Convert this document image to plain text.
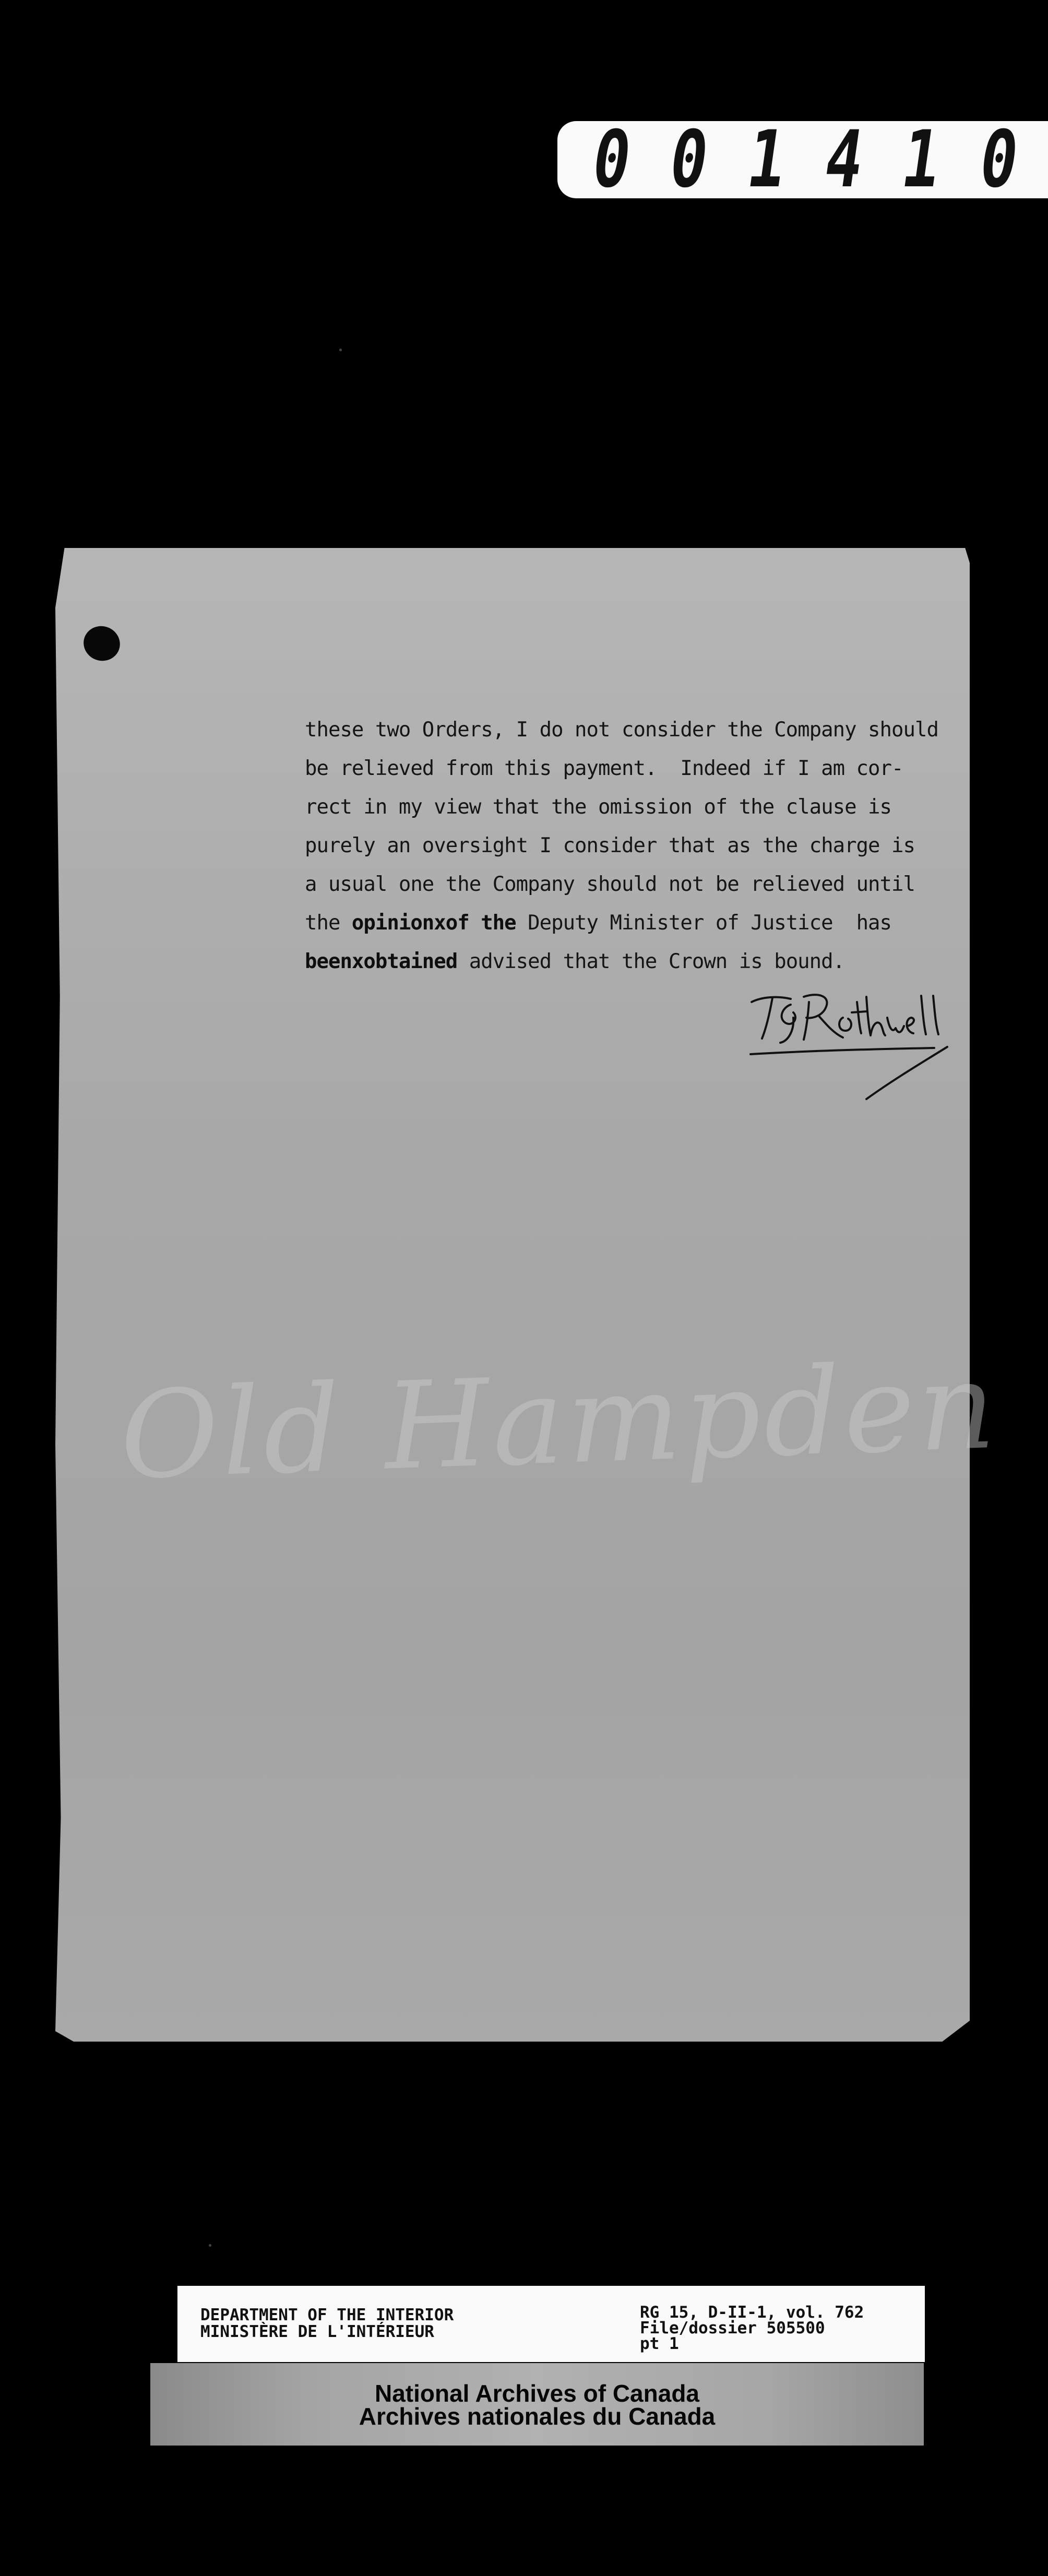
0 0 1 4 1 0
Old Hampden
these two Orders, I do not consider the Company should
be relieved from this payment.  Indeed if I am cor-
rect in my view that the omission of the clause is
purely an oversight I consider that as the charge is
a usual one the Company should not be relieved until
the opinionxof the Deputy Minister of Justice  has
beenxobtained advised that the Crown is bound.
DEPARTMENT OF THE INTERIOR
MINISTÈRE DE L'INTÉRIEUR
RG 15, D-II-1, vol. 762
File/dossier 505500
pt 1
National Archives of Canada
Archives nationales du Canada
